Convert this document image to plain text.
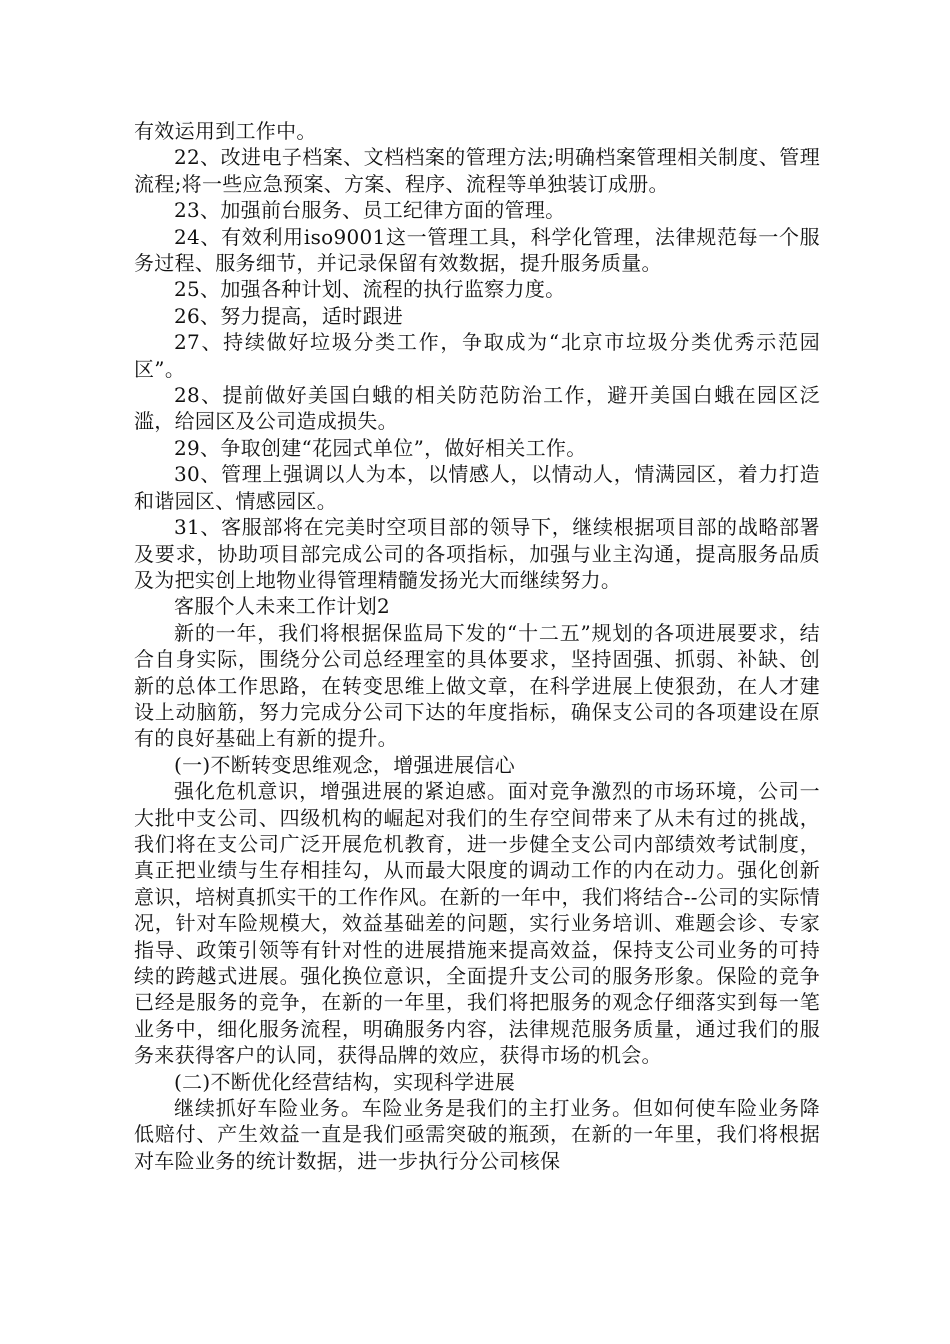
有效运用到工作中。

22、改进电子档案、文档档案的管理方法;明确档案管理相关制度、管理流程;将一些应急预案、方案、程序、流程等单独装订成册。

23、加强前台服务、员工纪律方面的管理。

24、有效利用iso9001这一管理工具，科学化管理，法律规范每一个服务过程、服务细节，并记录保留有效数据，提升服务质量。

25、加强各种计划、流程的执行监察力度。

26、努力提高，适时跟进

27、持续做好垃圾分类工作，争取成为“北京市垃圾分类优秀示范园区”。

28、提前做好美国白蛾的相关防范防治工作，避开美国白蛾在园区泛滥，给园区及公司造成损失。

29、争取创建“花园式单位”，做好相关工作。

30、管理上强调以人为本，以情感人，以情动人，情满园区，着力打造和谐园区、情感园区。

31、客服部将在完美时空项目部的领导下，继续根据项目部的战略部署及要求，协助项目部完成公司的各项指标，加强与业主沟通，提高服务品质及为把实创上地物业得管理精髓发扬光大而继续努力。

客服个人未来工作计划2

新的一年，我们将根据保监局下发的“十二五”规划的各项进展要求，结合自身实际，围绕分公司总经理室的具体要求，坚持固强、抓弱、补缺、创新的总体工作思路，在转变思维上做文章，在科学进展上使狠劲，在人才建设上动脑筋，努力完成分公司下达的年度指标，确保支公司的各项建设在原有的良好基础上有新的提升。

(一)不断转变思维观念，增强进展信心

强化危机意识，增强进展的紧迫感。面对竞争激烈的市场环境，公司一大批中支公司、四级机构的崛起对我们的生存空间带来了从未有过的挑战，我们将在支公司广泛开展危机教育，进一步健全支公司内部绩效考试制度，真正把业绩与生存相挂勾，从而最大限度的调动工作的内在动力。强化创新意识，培树真抓实干的工作作风。在新的一年中，我们将结合--公司的实际情况，针对车险规模大，效益基础差的问题，实行业务培训、难题会诊、专家指导、政策引领等有针对性的进展措施来提高效益，保持支公司业务的可持续的跨越式进展。强化换位意识，全面提升支公司的服务形象。保险的竞争已经是服务的竞争，在新的一年里，我们将把服务的观念仔细落实到每一笔业务中，细化服务流程，明确服务内容，法律规范服务质量，通过我们的服务来获得客户的认同，获得品牌的效应，获得市场的机会。

(二)不断优化经营结构，实现科学进展

继续抓好车险业务。车险业务是我们的主打业务。但如何使车险业务降低赔付、产生效益一直是我们亟需突破的瓶颈，在新的一年里，我们将根据对车险业务的统计数据，进一步执行分公司核保
